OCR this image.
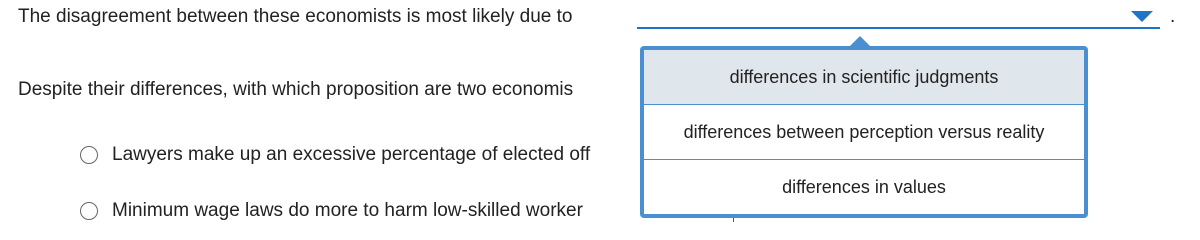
The disagreement between these economists is most likely due to	.
Despite their differences, with which proposition are two economis
Lawyers make up an excessive percentage of elected off
Minimum wage laws do more to harm low-skilled worker
differences in scientific judgments
differences between perception versus reality
differences in values
